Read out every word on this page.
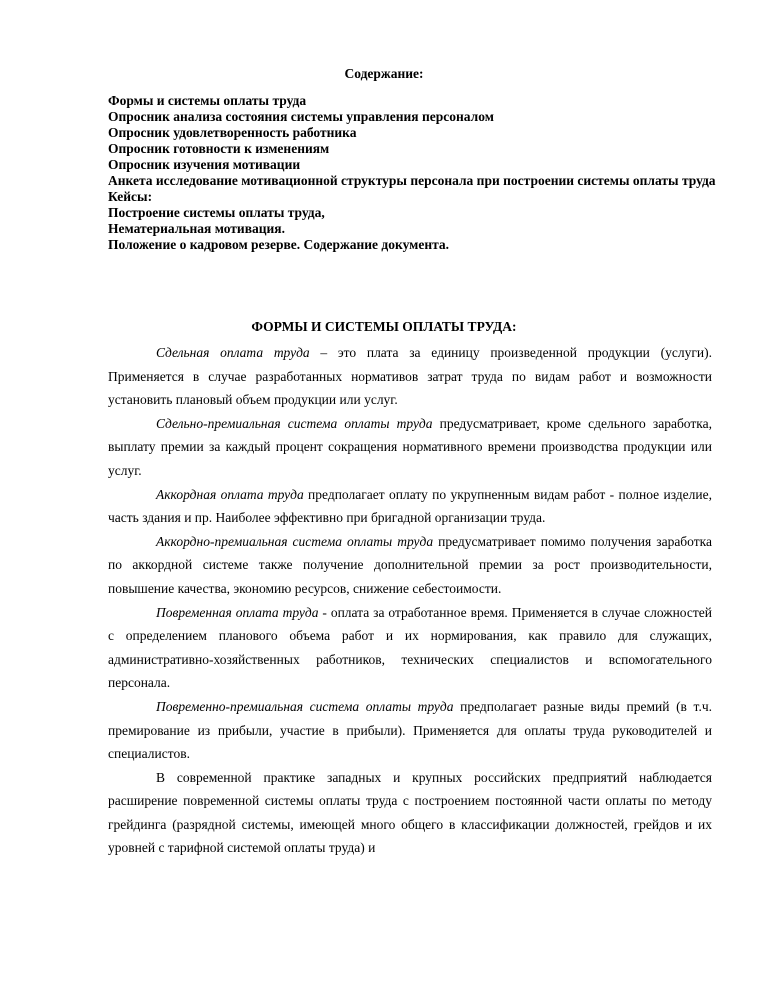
Содержание:
Формы и системы оплаты труда
Опросник анализа состояния системы управления персоналом
Опросник удовлетворенность работника
Опросник готовности к изменениям
Опросник изучения мотивации
Анкета исследование мотивационной структуры персонала при построении системы оплаты труда
Кейсы:
Построение системы оплаты труда,
Нематериальная мотивация.
Положение о кадровом резерве. Содержание документа.
ФОРМЫ И СИСТЕМЫ ОПЛАТЫ ТРУДА:

Сдельная оплата труда – это плата за единицу произведенной продукции (услуги). Применяется в случае разработанных нормативов затрат труда по видам работ и возможности установить плановый объем продукции или услуг.

Сдельно-премиальная система оплаты труда предусматривает, кроме сдельного заработка, выплату премии за каждый процент сокращения нормативного времени производства продукции или услуг.

Аккордная оплата труда предполагает оплату по укрупненным видам работ - полное изделие, часть здания и пр. Наиболее эффективно при бригадной организации труда.

Аккордно-премиальная система оплаты труда предусматривает помимо получения заработка по аккордной системе также получение дополнительной премии за рост производительности, повышение качества, экономию ресурсов, снижение себестоимости.

Повременная оплата труда - оплата за отработанное время. Применяется в случае сложностей с определением планового объема работ и их нормирования, как правило для служащих, административно-хозяйственных работников, технических специалистов и вспомогательного персонала.

Повременно-премиальная система оплаты труда предполагает разные виды премий (в т.ч. премирование из прибыли, участие в прибыли). Применяется для оплаты труда руководителей и специалистов.

В современной практике западных и крупных российских предприятий наблюдается расширение повременной системы оплаты труда с построением постоянной части оплаты по методу грейдинга (разрядной системы, имеющей много общего в классификации должностей, грейдов и их уровней с тарифной системой оплаты труда) и
